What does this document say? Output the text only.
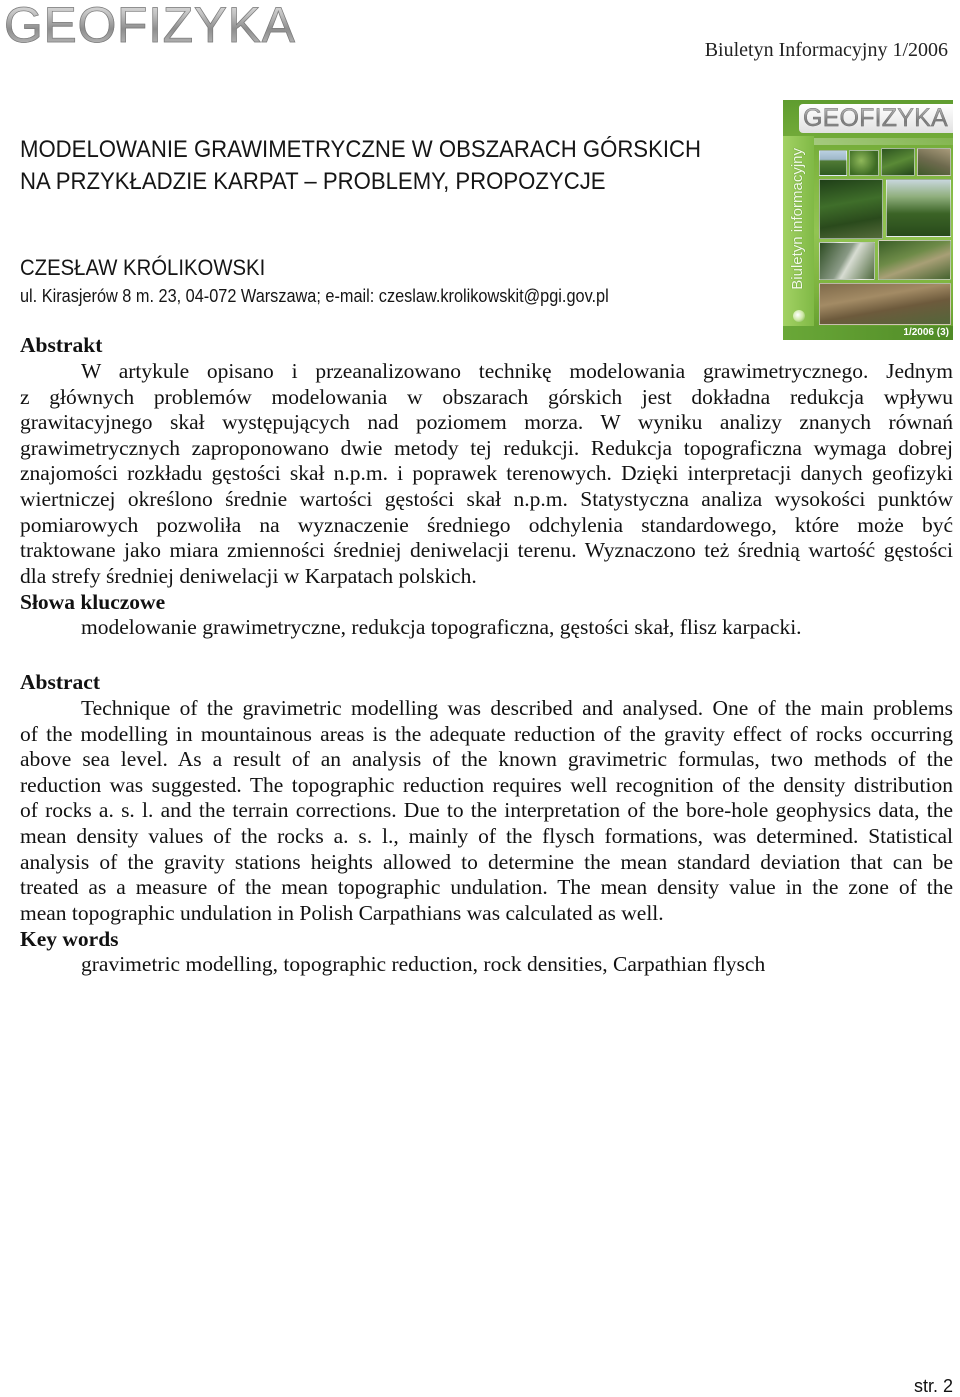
GEOFIZYKA	Biuletyn Informacyjny 1/2006
MODELOWANIE GRAWIMETRYCZNE W OBSZARACH GÓRSKICH
NA PRZYKŁADZIE KARPAT – PROBLEMY, PROPOZYCJE
CZESŁAW KRÓLIKOWSKI
ul. Kirasjerów 8 m. 23, 04-072 Warszawa; e-mail: czeslaw.krolikowskit@pgi.gov.pl
GEOFIZYKA
Biuletyn informacyjny
1/2006 (3)
Abstrakt
W artykule opisano i przeanalizowano technikę modelowania grawimetrycznego. Jednym
z głównych problemów modelowania w obszarach górskich jest dokładna redukcja wpływu
grawitacyjnego skał występujących nad poziomem morza. W wyniku analizy znanych równań
grawimetrycznych zaproponowano dwie metody tej redukcji. Redukcja topograficzna wymaga dobrej
znajomości rozkładu gęstości skał n.p.m. i poprawek terenowych. Dzięki interpretacji danych geofizyki
wiertniczej określono średnie wartości gęstości skał n.p.m. Statystyczna analiza wysokości punktów
pomiarowych pozwoliła na wyznaczenie średniego odchylenia standardowego, które może być
traktowane jako miara zmienności średniej deniwelacji terenu. Wyznaczono też średnią wartość gęstości
dla strefy średniej deniwelacji w Karpatach polskich.
Słowa kluczowe
modelowanie grawimetryczne, redukcja topograficzna, gęstości skał, flisz karpacki.
Abstract
Technique of the gravimetric modelling was described and analysed. One of the main problems
of the modelling in mountainous areas is the adequate reduction of the gravity effect of rocks occurring
above sea level. As a result of an analysis of the known gravimetric formulas, two methods of the
reduction was suggested. The topographic reduction requires well recognition of the density distribution
of rocks a. s. l. and the terrain corrections. Due to the interpretation of the bore-hole geophysics data, the
mean density values of the rocks a. s. l., mainly of the flysch formations, was determined. Statistical
analysis of the gravity stations heights allowed to determine the mean standard deviation that can be
treated as a measure of the mean topographic undulation. The mean density value in the zone of the
mean topographic undulation in Polish Carpathians was calculated as well.
Key words
gravimetric modelling, topographic reduction, rock densities, Carpathian flysch
str. 2
